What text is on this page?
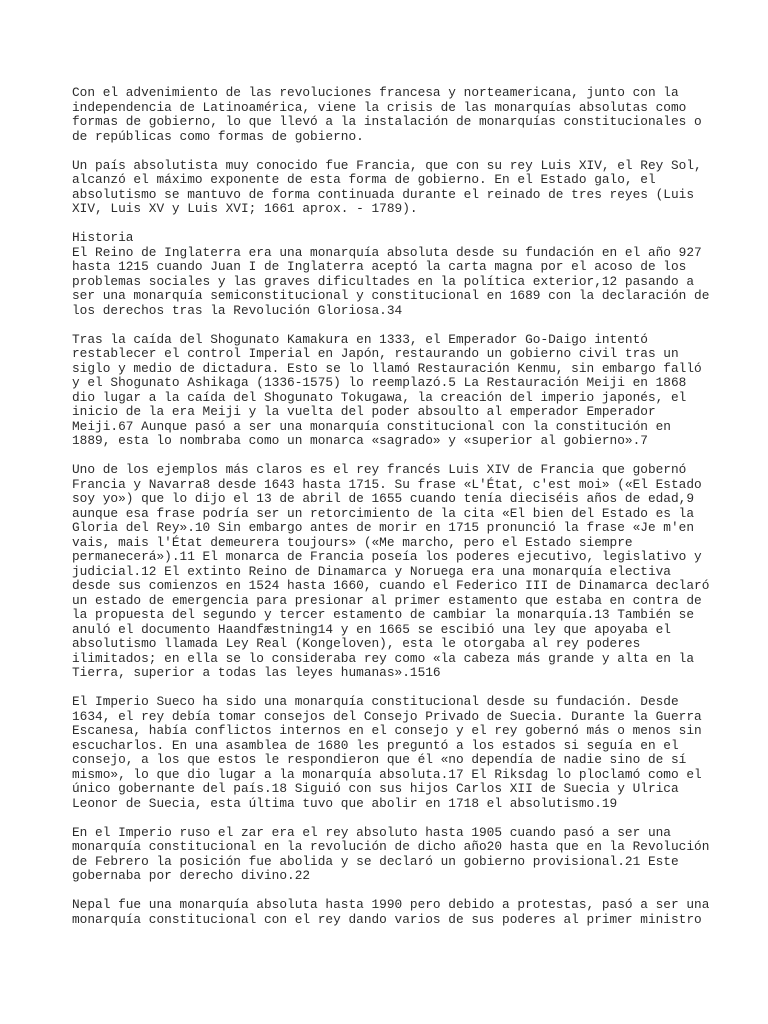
Con el advenimiento de las revoluciones francesa y norteamericana, junto con la
independencia de Latinoamérica, viene la crisis de las monarquías absolutas como
formas de gobierno, lo que llevó a la instalación de monarquías constitucionales o
de repúblicas como formas de gobierno.
Un país absolutista muy conocido fue Francia, que con su rey Luis XIV, el Rey Sol,
alcanzó el máximo exponente de esta forma de gobierno. En el Estado galo, el
absolutismo se mantuvo de forma continuada durante el reinado de tres reyes (Luis
XIV, Luis XV y Luis XVI; 1661 aprox. - 1789).
Historia
El Reino de Inglaterra era una monarquía absoluta desde su fundación en el año 927
hasta 1215 cuando Juan I de Inglaterra aceptó la carta magna por el acoso de los
problemas sociales y las graves dificultades en la política exterior,12 pasando a
ser una monarquía semiconstitucional y constitucional en 1689 con la declaración de
los derechos tras la Revolución Gloriosa.34
Tras la caída del Shogunato Kamakura en 1333, el Emperador Go-Daigo intentó
restablecer el control Imperial en Japón, restaurando un gobierno civil tras un
siglo y medio de dictadura. Esto se lo llamó Restauración Kenmu, sin embargo falló
y el Shogunato Ashikaga (1336-1575) lo reemplazó.5 La Restauración Meiji en 1868
dio lugar a la caída del Shogunato Tokugawa, la creación del imperio japonés, el
inicio de la era Meiji y la vuelta del poder absoulto al emperador Emperador
Meiji.67 Aunque pasó a ser una monarquía constitucional con la constitución en
1889, esta lo nombraba como un monarca «sagrado» y «superior al gobierno».7
Uno de los ejemplos más claros es el rey francés Luis XIV de Francia que gobernó
Francia y Navarra8 desde 1643 hasta 1715. Su frase «L'État, c'est moi» («El Estado
soy yo») que lo dijo el 13 de abril de 1655 cuando tenía dieciséis años de edad,9
aunque esa frase podría ser un retorcimiento de la cita «El bien del Estado es la
Gloria del Rey».10 Sin embargo antes de morir en 1715 pronunció la frase «Je m'en
vais, mais l'État demeurera toujours» («Me marcho, pero el Estado siempre
permanecerá»).11 El monarca de Francia poseía los poderes ejecutivo, legislativo y
judicial.12 El extinto Reino de Dinamarca y Noruega era una monarquía electiva
desde sus comienzos en 1524 hasta 1660, cuando el Federico III de Dinamarca declaró
un estado de emergencia para presionar al primer estamento que estaba en contra de
la propuesta del segundo y tercer estamento de cambiar la monarquía.13 También se
anuló el documento Haandfæstning14 y en 1665 se escibió una ley que apoyaba el
absolutismo llamada Ley Real (Kongeloven), esta le otorgaba al rey poderes
ilimitados; en ella se lo consideraba rey como «la cabeza más grande y alta en la
Tierra, superior a todas las leyes humanas».1516
El Imperio Sueco ha sido una monarquía constitucional desde su fundación. Desde
1634, el rey debía tomar consejos del Consejo Privado de Suecia. Durante la Guerra
Escanesa, había conflictos internos en el consejo y el rey gobernó más o menos sin
escucharlos. En una asamblea de 1680 les preguntó a los estados si seguía en el
consejo, a los que estos le respondieron que él «no dependía de nadie sino de sí
mismo», lo que dio lugar a la monarquía absoluta.17 El Riksdag lo ploclamó como el
único gobernante del país.18 Siguió con sus hijos Carlos XII de Suecia y Ulrica
Leonor de Suecia, esta última tuvo que abolir en 1718 el absolutismo.19
En el Imperio ruso el zar era el rey absoluto hasta 1905 cuando pasó a ser una
monarquía constitucional en la revolución de dicho año20 hasta que en la Revolución
de Febrero la posición fue abolida y se declaró un gobierno provisional.21 Este
gobernaba por derecho divino.22
Nepal fue una monarquía absoluta hasta 1990 pero debido a protestas, pasó a ser una
monarquía constitucional con el rey dando varios de sus poderes al primer ministro
